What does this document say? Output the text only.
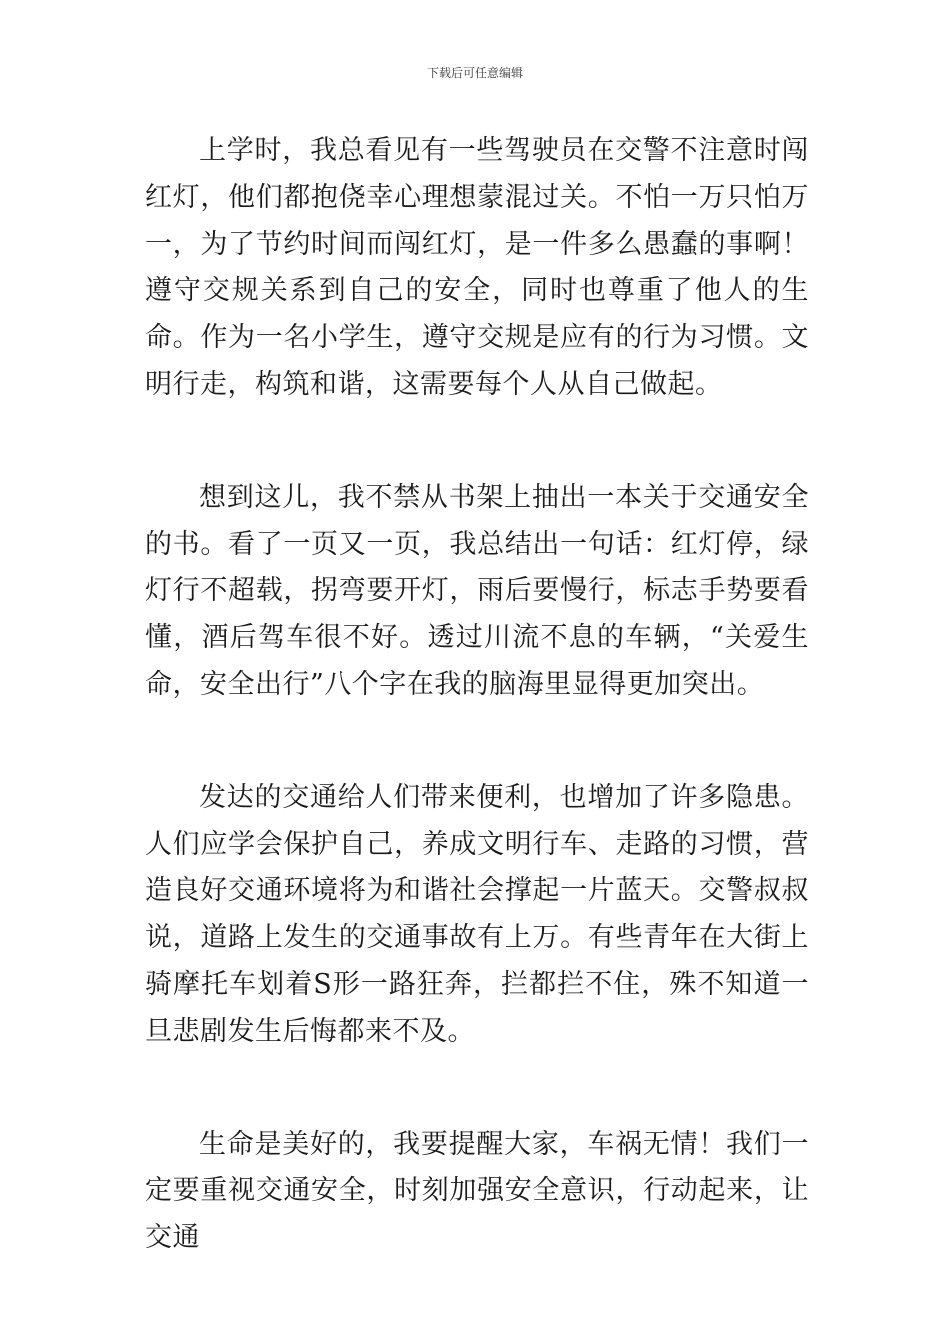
下载后可任意编辑

上学时，我总看见有一些驾驶员在交警不注意时闯红灯，他们都抱侥幸心理想蒙混过关。不怕一万只怕万一，为了节约时间而闯红灯，是一件多么愚蠢的事啊！遵守交规关系到自己的安全，同时也尊重了他人的生命。作为一名小学生，遵守交规是应有的行为习惯。文明行走，构筑和谐，这需要每个人从自己做起。

想到这儿，我不禁从书架上抽出一本关于交通安全的书。看了一页又一页，我总结出一句话：红灯停，绿灯行不超载，拐弯要开灯，雨后要慢行，标志手势要看懂，酒后驾车很不好。透过川流不息的车辆，“关爱生命，安全出行”八个字在我的脑海里显得更加突出。

发达的交通给人们带来便利，也增加了许多隐患。人们应学会保护自己，养成文明行车、走路的习惯，营造良好交通环境将为和谐社会撑起一片蓝天。交警叔叔说，道路上发生的交通事故有上万。有些青年在大街上骑摩托车划着S形一路狂奔，拦都拦不住，殊不知道一旦悲剧发生后悔都来不及。

生命是美好的，我要提醒大家，车祸无情！我们一定要重视交通安全，时刻加强安全意识，行动起来，让交通
